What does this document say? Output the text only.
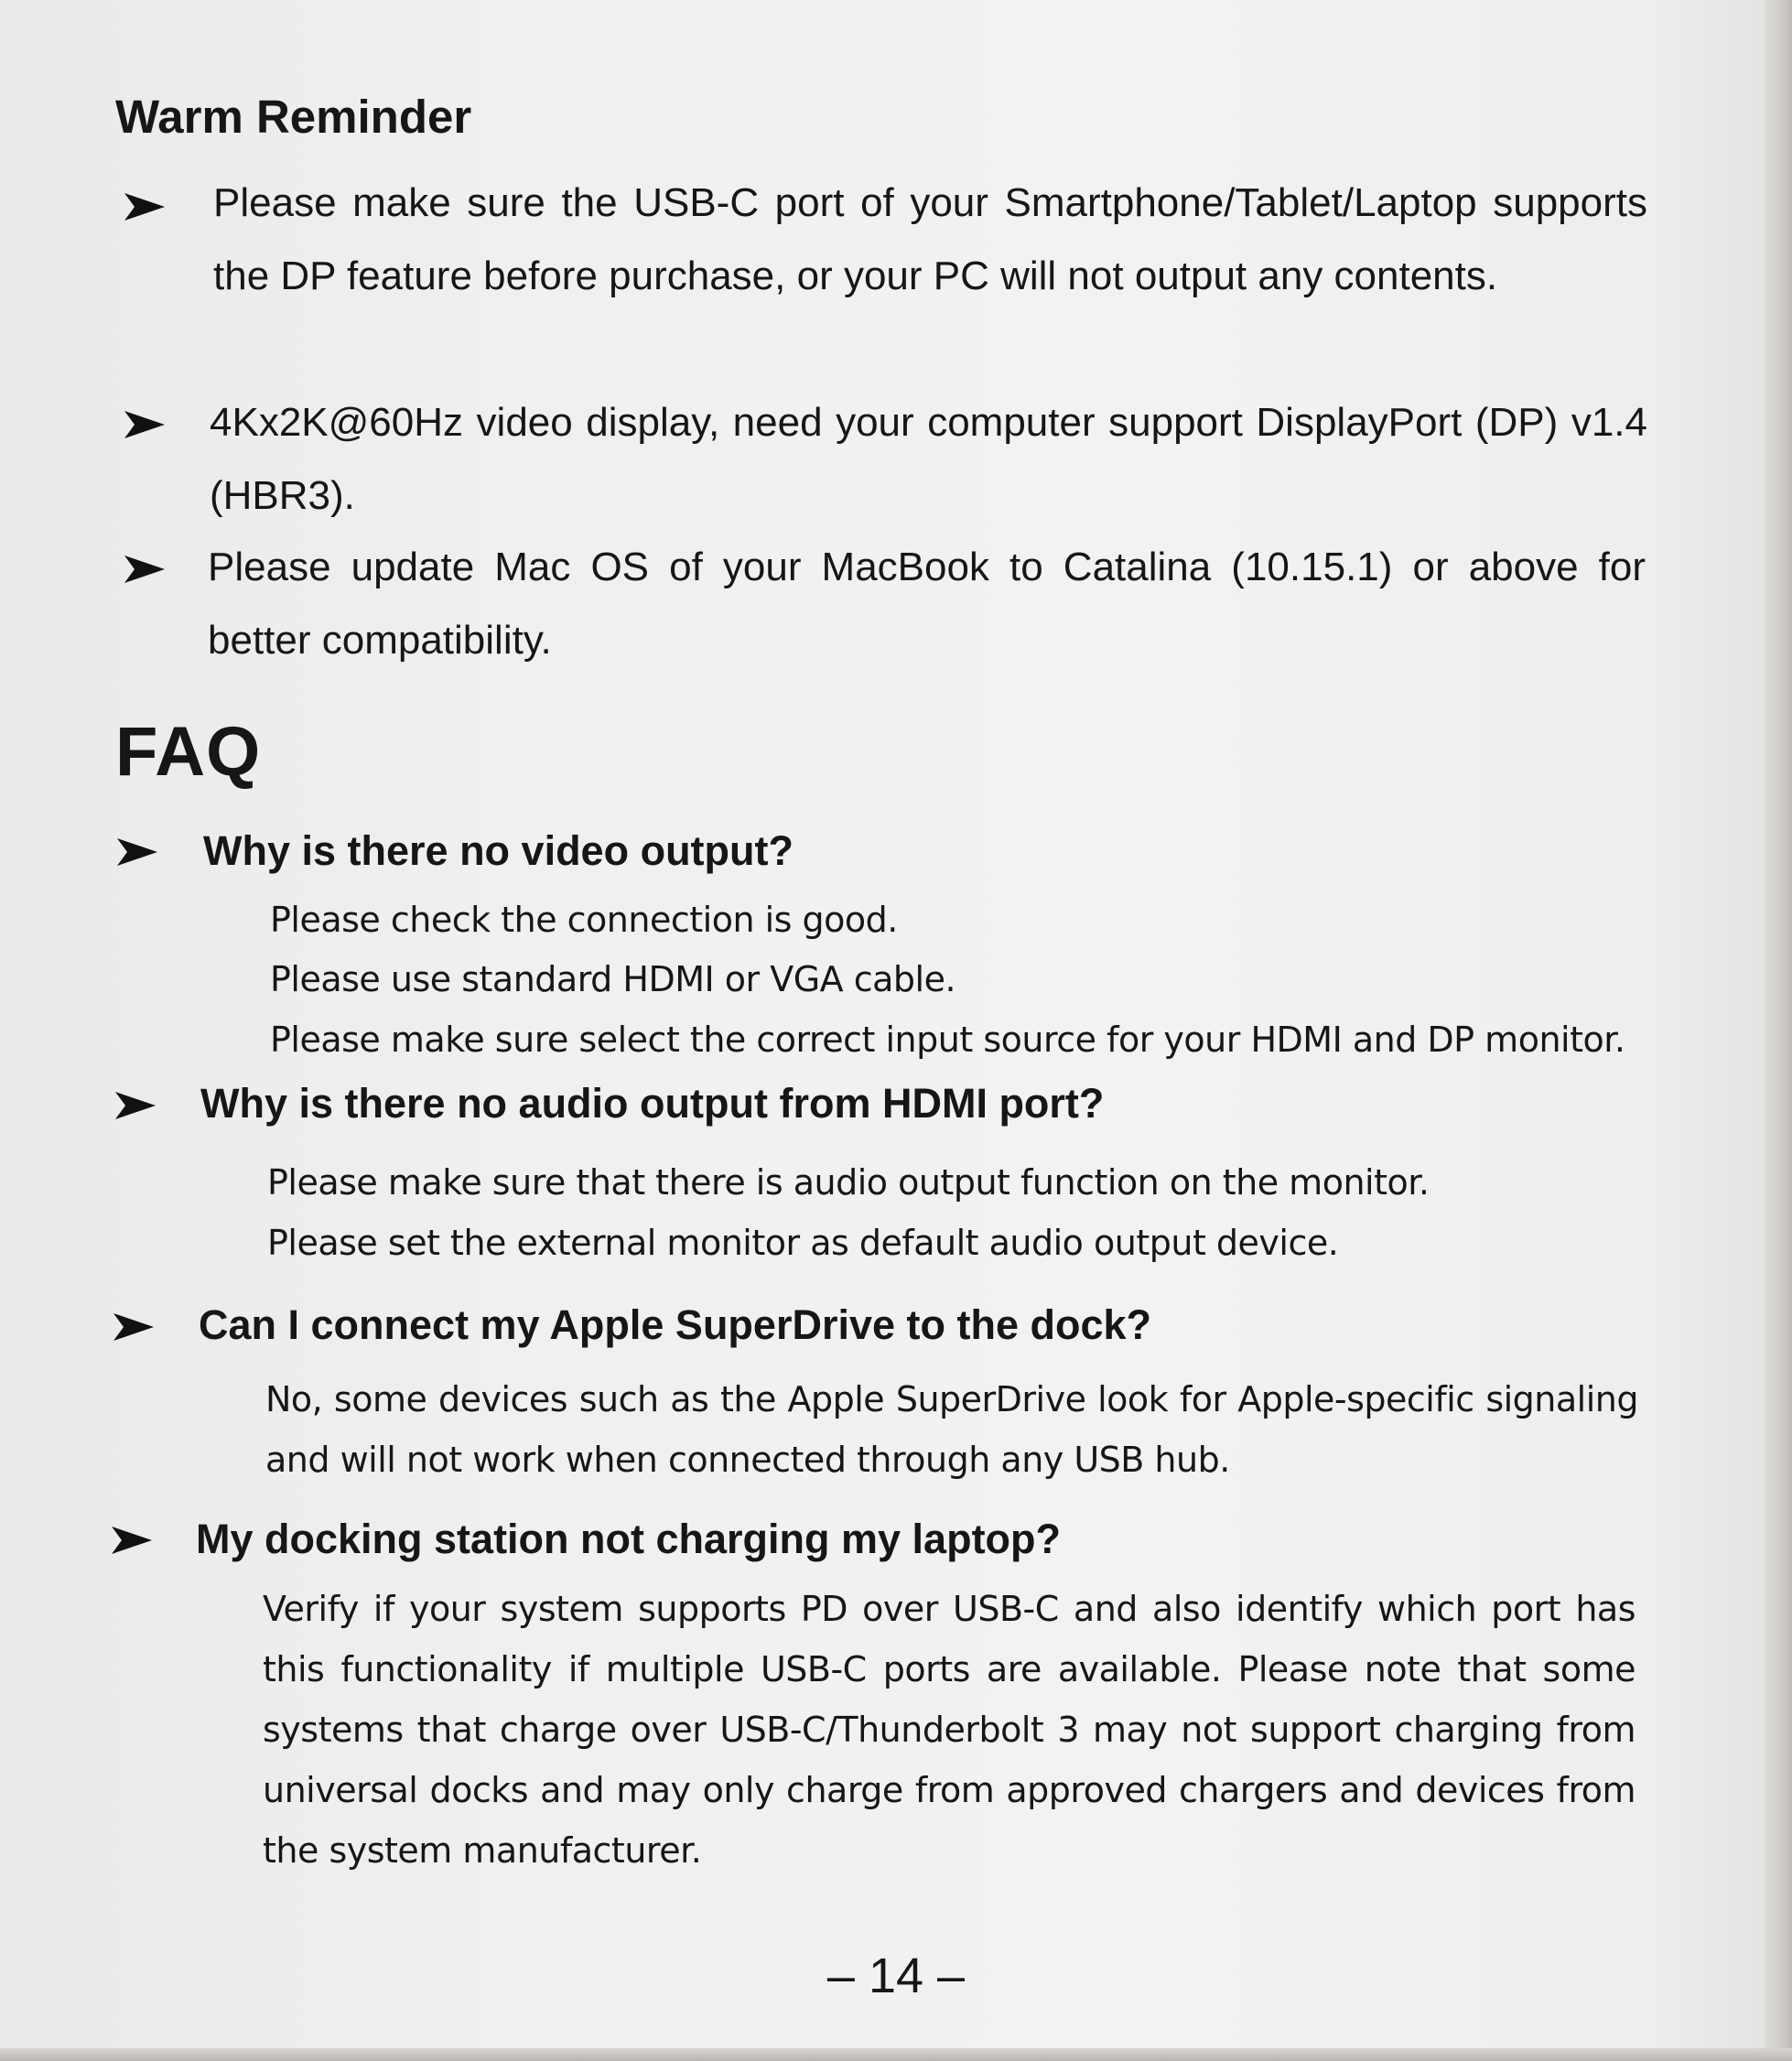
Warm Reminder

Please make sure the USB-C port of your Smartphone/Tablet/Laptop supports the DP feature before purchase, or your PC will not output any contents.

4Kx2K@60Hz video display, need your computer support DisplayPort (DP) v1.4 (HBR3).

Please update Mac OS of your MacBook to Catalina (10.15.1) or above for better compatibility.

FAQ
Why is there no video output?
Please check the connection is good.
Please use standard HDMI or VGA cable.
Please make sure select the correct input source for your HDMI and DP monitor.
Why is there no audio output from HDMI port?
Please make sure that there is audio output function on the monitor.
Please set the external monitor as default audio output device.
Can I connect my Apple SuperDrive to the dock?

No, some devices such as the Apple SuperDrive look for Apple-specific signaling and will not work when connected through any USB hub.

My docking station not charging my laptop?

Verify if your system supports PD over USB-C and also identify which port has this functionality if multiple USB-C ports are available. Please note that some systems that charge over USB-C/Thunderbolt 3 may not support charging from universal docks and may only charge from approved chargers and devices from the system manufacturer.

– 14 –
